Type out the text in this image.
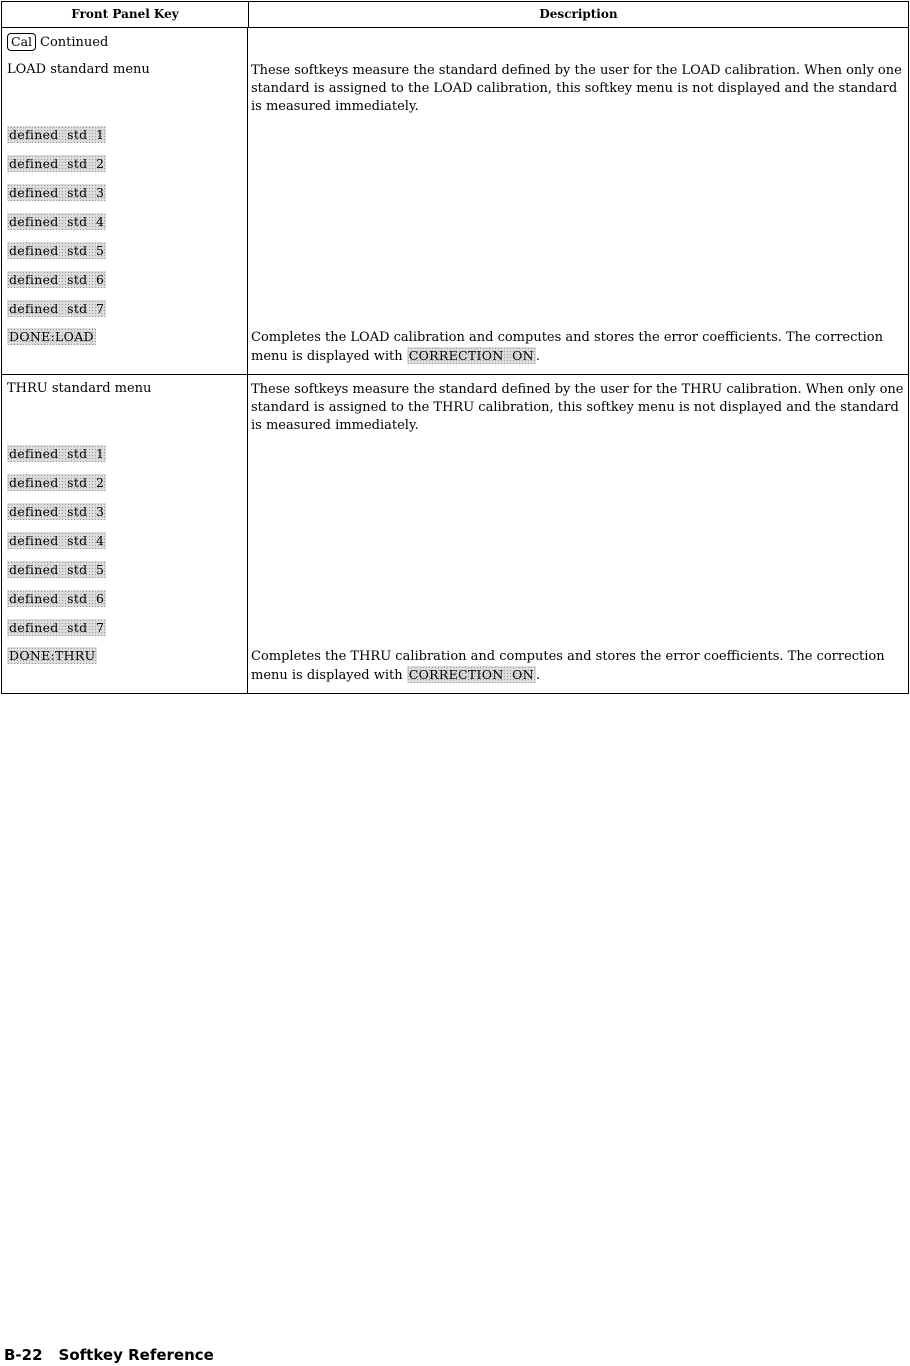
Front Panel Key	Description
Cal Continued
LOAD standard menu	These softkeys measure the standard defined by the user for the LOAD calibration. When only one standard is assigned to the LOAD calibration, this softkey menu is not displayed and the standard is measured immediately.
defined  std  1
defined  std  2
defined  std  3
defined  std  4
defined  std  5
defined  std  6
defined  std  7
DONE:LOAD	Completes the LOAD calibration and computes and stores the error coefficients. The correction menu is displayed with CORRECTION  ON .
THRU standard menu	These softkeys measure the standard defined by the user for the THRU calibration. When only one standard is assigned to the THRU calibration, this softkey menu is not displayed and the standard is measured immediately.
defined  std  1
defined  std  2
defined  std  3
defined  std  4
defined  std  5
defined  std  6
defined  std  7
DONE:THRU	Completes the THRU calibration and computes and stores the error coefficients. The correction menu is displayed with CORRECTION  ON .
B-22 Softkey Reference
